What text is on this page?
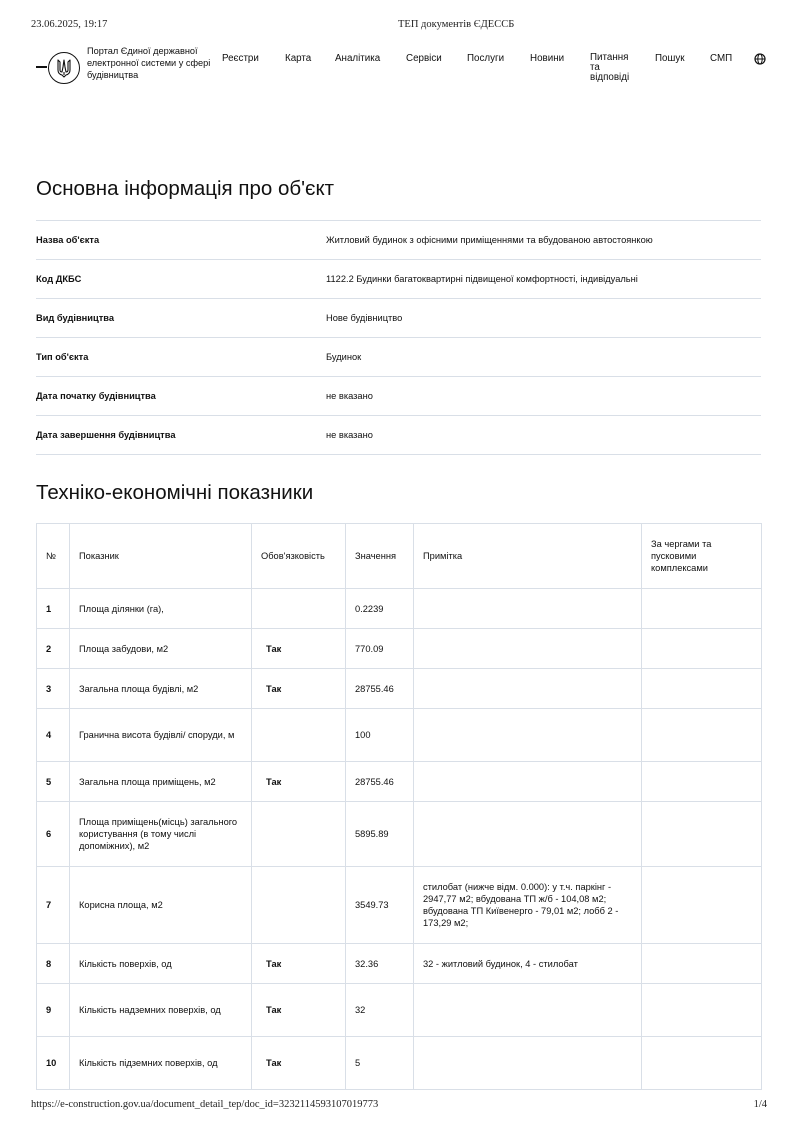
23.06.2025, 19:17	ТЕП документів ЄДЕССБ
Портал Єдиної державної електронної системи у сфері будівництва
Реєстри	Карта Аналітика	Сервіси	Послуги	Новини	Питання та відповіді
Пошук	СМП
Основна інформація про об'єкт
Назва об'єкта	Житловий будинок з офісними приміщеннями та вбудованою автостоянкою
Код ДКБС	1122.2 Будинки багатоквартирні підвищеної комфортності, індивідуальні
Вид будівництва	Нове будівництво
Тип об'єкта	Будинок
Дата початку будівництва	не вказано
Дата завершення будівництва	не вказано
Техніко-економічні показники
№	Показник	Обов'язковість	Значення	Примітка	За чергами та пусковими комплексами
1	Площа ділянки (га),		0.2239		
2	Площа забудови, м2	Так	770.09		
3	Загальна площа будівлі, м2	Так	28755.46		
4	Гранична висота будівлі/ споруди, м		100		
5	Загальна площа приміщень, м2	Так	28755.46		
6	Площа приміщень(місць) загального користування (в тому числі допоміжних), м2		5895.89		
7	Корисна площа, м2		3549.73	стилобат (нижче відм. 0.000): у т.ч. паркінг - 2947,77 м2; вбудована ТП ж/б - 104,08 м2; вбудована ТП Київенерго - 79,01 м2; лобб 2 - 173,29 м2;	
8	Кількість поверхів, од	Так	32.36	32 - житловий будинок, 4 - стилобат	
9	Кількість надземних поверхів, од	Так	32		
10	Кількість підземних поверхів, од	Так	5		
https://e-construction.gov.ua/document_detail_tep/doc_id=3232114593107019773	1/4
